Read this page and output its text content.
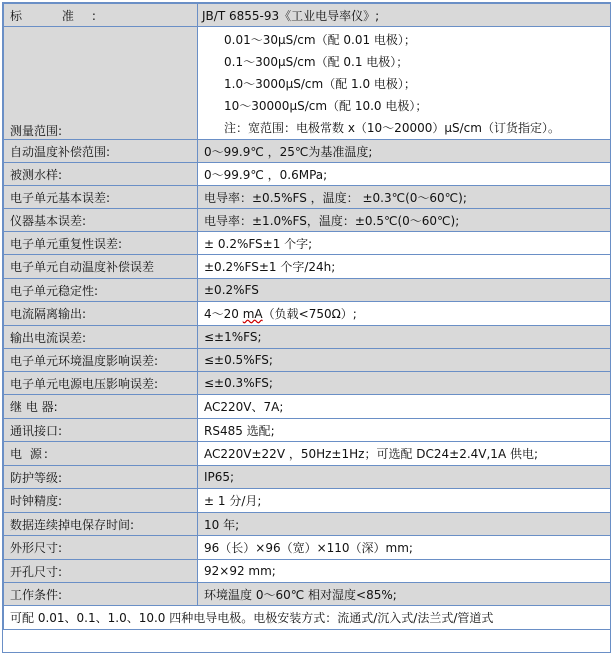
标 准:	JB/T 6855-93《工业电导率仪》;
测量范围:	0.01～30μS/cm（配 0.01 电极）；
0.1～300μS/cm（配 0.1 电极）；
1.0～3000μS/cm（配 1.0 电极）；
10～30000μS/cm（配 10.0 电极）；
注：宽范围：电极常数 x（10～20000）μS/cm（订货指定）。

自动温度补偿范围:	0～99.9℃ ，25℃为基准温度;
被测水样:	0～99.9℃ ，0.6MPa;
电子单元基本误差:	电导率：±0.5%FS ，温度： ±0.3℃(0～60℃);
仪器基本误差:	电导率：±1.0%FS，温度：±0.5℃(0～60℃);
电子单元重复性误差:	± 0.2%FS±1 个字;
电子单元自动温度补偿误差	±0.2%FS±1 个字/24h;
电子单元稳定性:	±0.2%FS
电流隔离输出:	4～20 mA（负载<750Ω）;
输出电流误差:	≤±1%FS;
电子单元环境温度影响误差:	≤±0.5%FS;
电子单元电源电压影响误差:	≤±0.3%FS;
继 电 器:	AC220V、7A;
通讯接口:	RS485 选配;
电 源:	AC220V±22V ，50Hz±1Hz；可选配 DC24±2.4V,1A 供电;
防护等级:	IP65;
时钟精度:	± 1 分/月;
数据连续掉电保存时间:	10 年;
外形尺寸:	96（长）×96（宽）×110（深）mm;
开孔尺寸:	92×92 mm;
工作条件:	环境温度 0～60℃ 相对湿度<85%;
可配 0.01、0.1、1.0、10.0 四种电导电极。电极安装方式：流通式/沉入式/法兰式/管道式	
